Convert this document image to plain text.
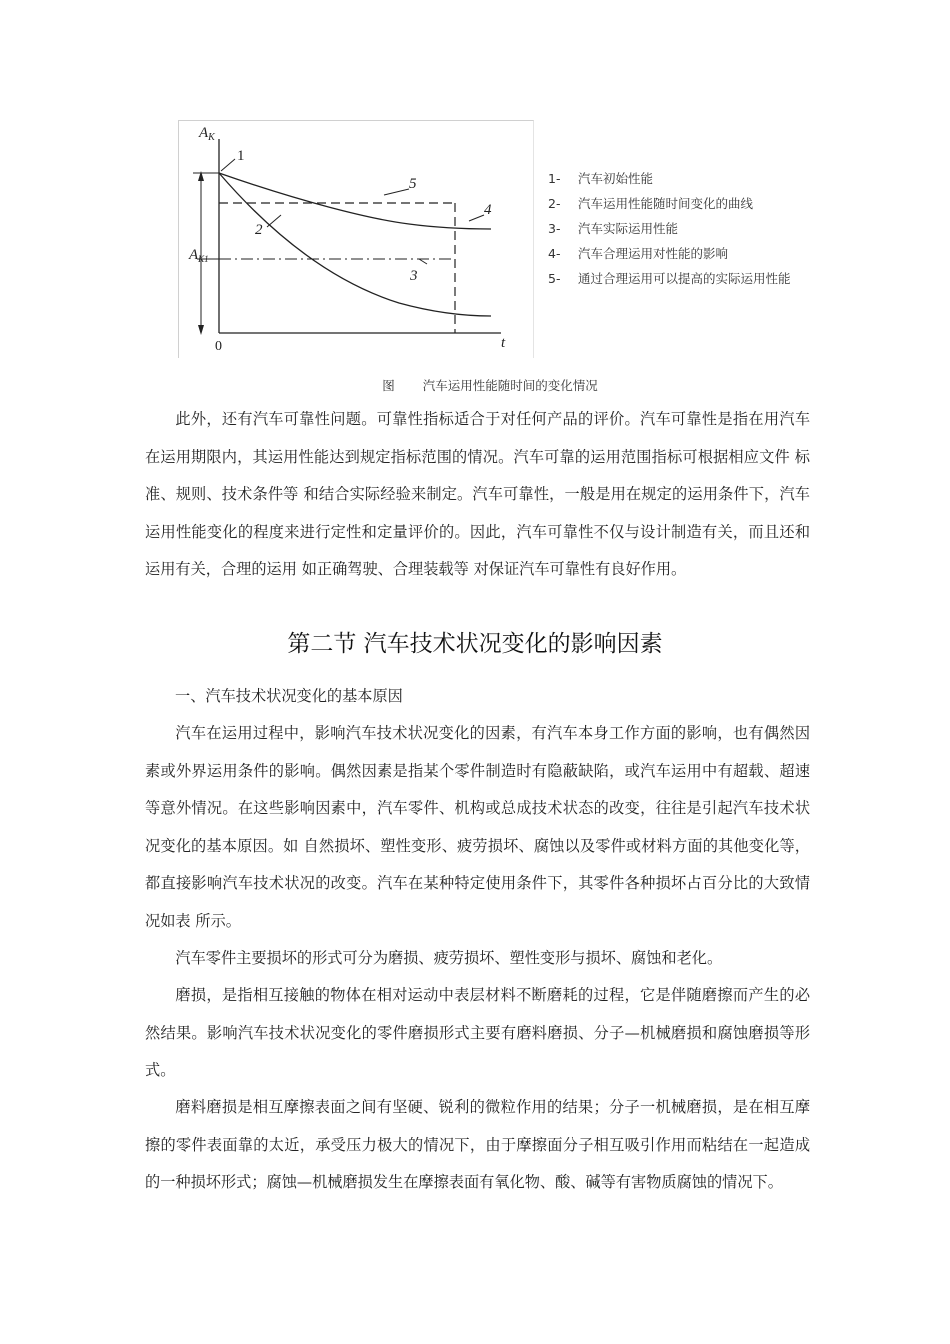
$A_K$
$A_{K1}$
0	t
1
2
3
4
5	1- 汽车初始性能
2- 汽车运用性能随时间变化的曲线
3- 汽车实际运用性能
4- 汽车合理运用对性能的影响
5- 通过合理运用可以提高的实际运用性能
图 汽车运用性能随时间的变化情况

此外，还有汽车可靠性问题。可靠性指标适合于对任何产品的评价。汽车可靠性是指在用汽车在运用期限内，其运用性能达到规定指标范围的情况。汽车可靠的运用范围指标可根据相应文件 标准、规则、技术条件等 和结合实际经验来制定。汽车可靠性，一般是用在规定的运用条件下，汽车运用性能变化的程度来进行定性和定量评价的。因此，汽车可靠性不仅与设计制造有关，而且还和运用有关，合理的运用 如正确驾驶、合理装载等 对保证汽车可靠性有良好作用。

第二节 汽车技术状况变化的影响因素
一、汽车技术状况变化的基本原因

汽车在运用过程中，影响汽车技术状况变化的因素，有汽车本身工作方面的影响，也有偶然因素或外界运用条件的影响。偶然因素是指某个零件制造时有隐蔽缺陷，或汽车运用中有超载、超速等意外情况。在这些影响因素中，汽车零件、机构或总成技术状态的改变，往往是引起汽车技术状况变化的基本原因。如 自然损坏、塑性变形、疲劳损坏、腐蚀以及零件或材料方面的其他变化等，都直接影响汽车技术状况的改变。汽车在某种特定使用条件下，其零件各种损坏占百分比的大致情况如表 所示。

汽车零件主要损坏的形式可分为磨损、疲劳损坏、塑性变形与损坏、腐蚀和老化。

磨损，是指相互接触的物体在相对运动中表层材料不断磨耗的过程，它是伴随磨擦而产生的必然结果。影响汽车技术状况变化的零件磨损形式主要有磨料磨损、分子—机械磨损和腐蚀磨损等形式。

磨料磨损是相互摩擦表面之间有坚硬、锐利的微粒作用的结果；分子一机械磨损，是在相互摩擦的零件表面靠的太近，承受压力极大的情况下，由于摩擦面分子相互吸引作用而粘结在一起造成的一种损坏形式；腐蚀—机械磨损发生在摩擦表面有氧化物、酸、碱等有害物质腐蚀的情况下。
